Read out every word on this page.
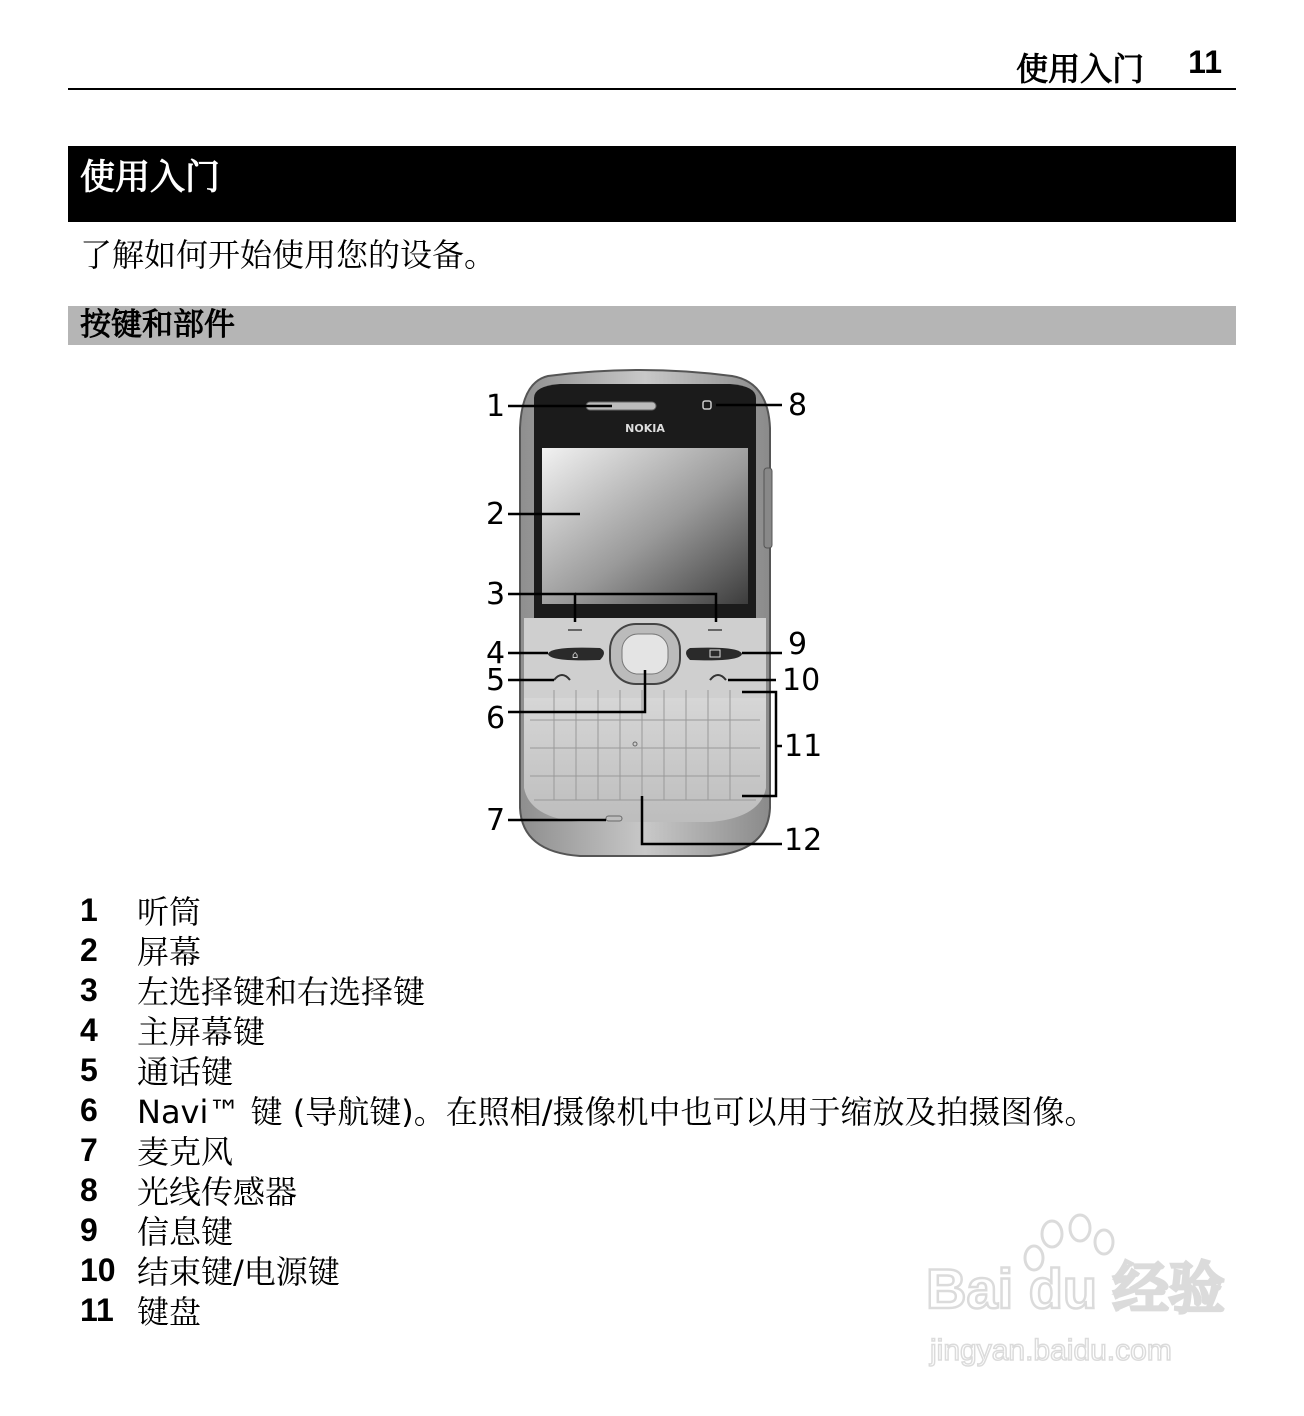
使用入门 11
使用入门
了解如何开始使用您的设备。
按键和部件
NOKIA
⌂
1
2
3
4
5
6
7
8
9
10
11
12
1	听筒
2	屏幕
3	左选择键和右选择键
4	主屏幕键
5	通话键
6	Navi™ 键 (导航键)。在照相/摄像机中也可以用于缩放及拍摄图像。
7	麦克风
8	光线传感器
9	信息键
10 结束键/电源键
11 键盘	Bai du 经验
jingyan.baidu.com
